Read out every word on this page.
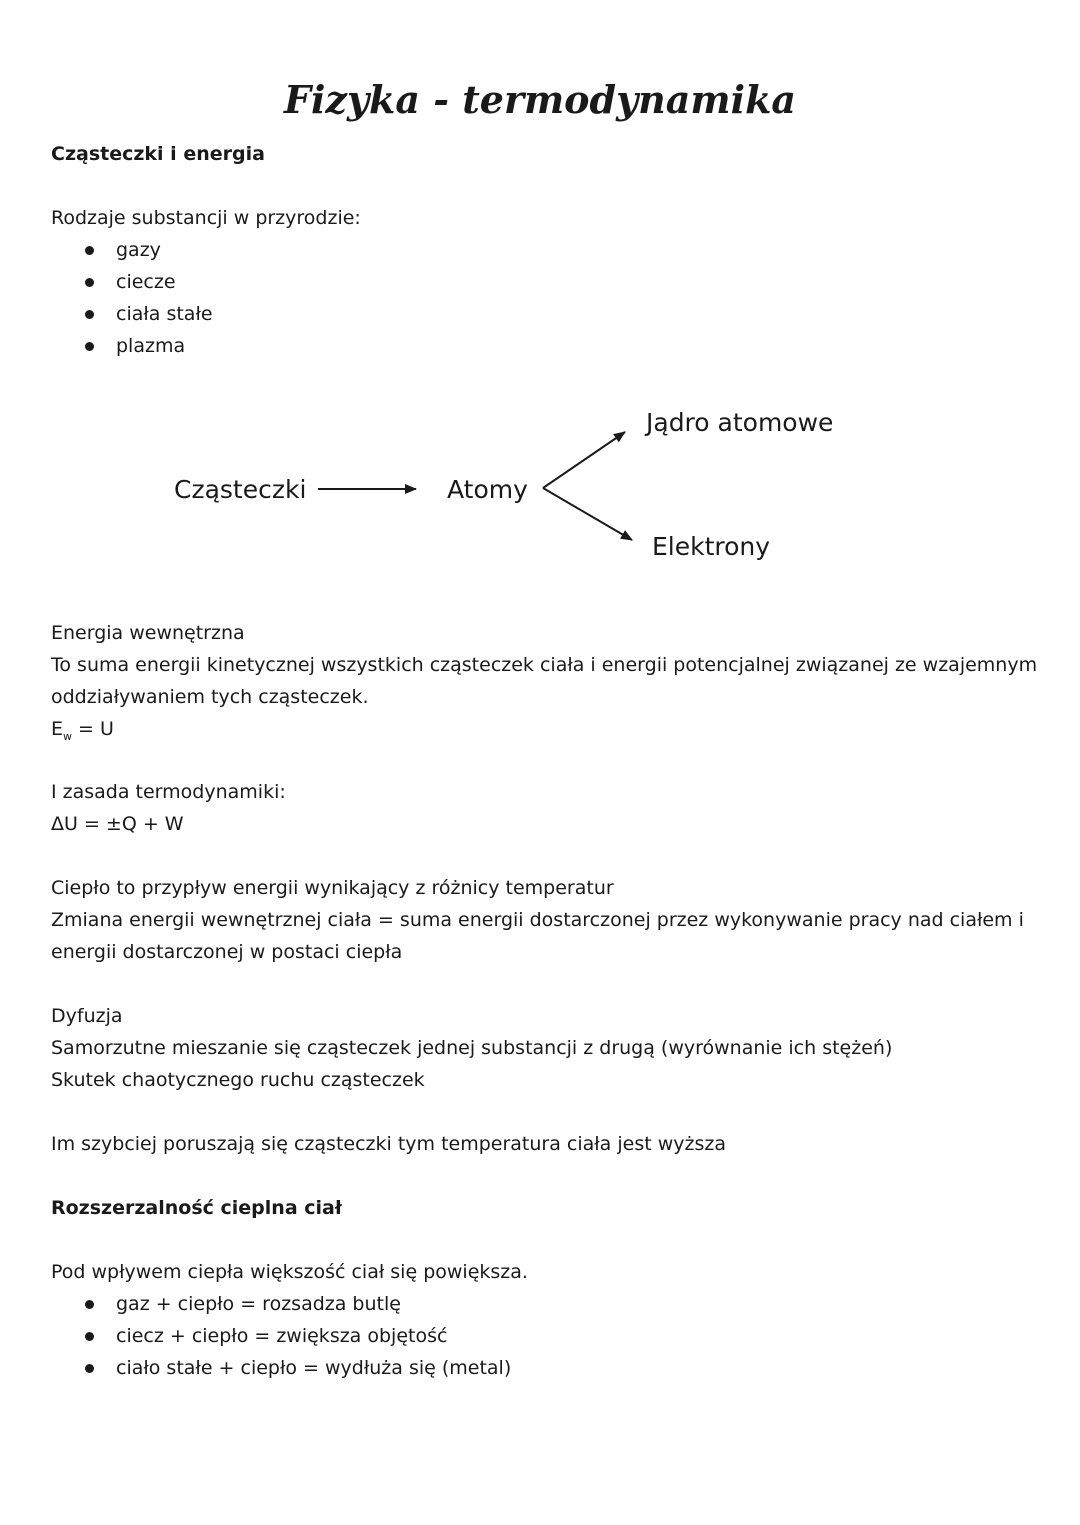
Fizyka - termodynamika
Cząsteczki i energia
Rodzaje substancji w przyrodzie:
gazy
ciecze
ciała stałe
plazma
Cząsteczki	Atomy
Jądro atomowe
Elektrony
Energia wewnętrzna
To suma energii kinetycznej wszystkich cząsteczek ciała i energii potencjalnej związanej ze wzajemnym oddziaływaniem tych cząsteczek.
$E_w = U$
I zasada termodynamiki:
ΔU = ±Q + W
Ciepło to przypływ energii wynikający z różnicy temperatur
Zmiana energii wewnętrznej ciała = suma energii dostarczonej przez wykonywanie pracy nad ciałem i energii dostarczonej w postaci ciepła
Dyfuzja
Samorzutne mieszanie się cząsteczek jednej substancji z drugą (wyrównanie ich stężeń)
Skutek chaotycznego ruchu cząsteczek
Im szybciej poruszają się cząsteczki tym temperatura ciała jest wyższa
Rozszerzalność cieplna ciał
Pod wpływem ciepła większość ciał się powiększa.
gaz + ciepło = rozsadza butlę
ciecz + ciepło = zwiększa objętość
ciało stałe + ciepło = wydłuża się (metal)
